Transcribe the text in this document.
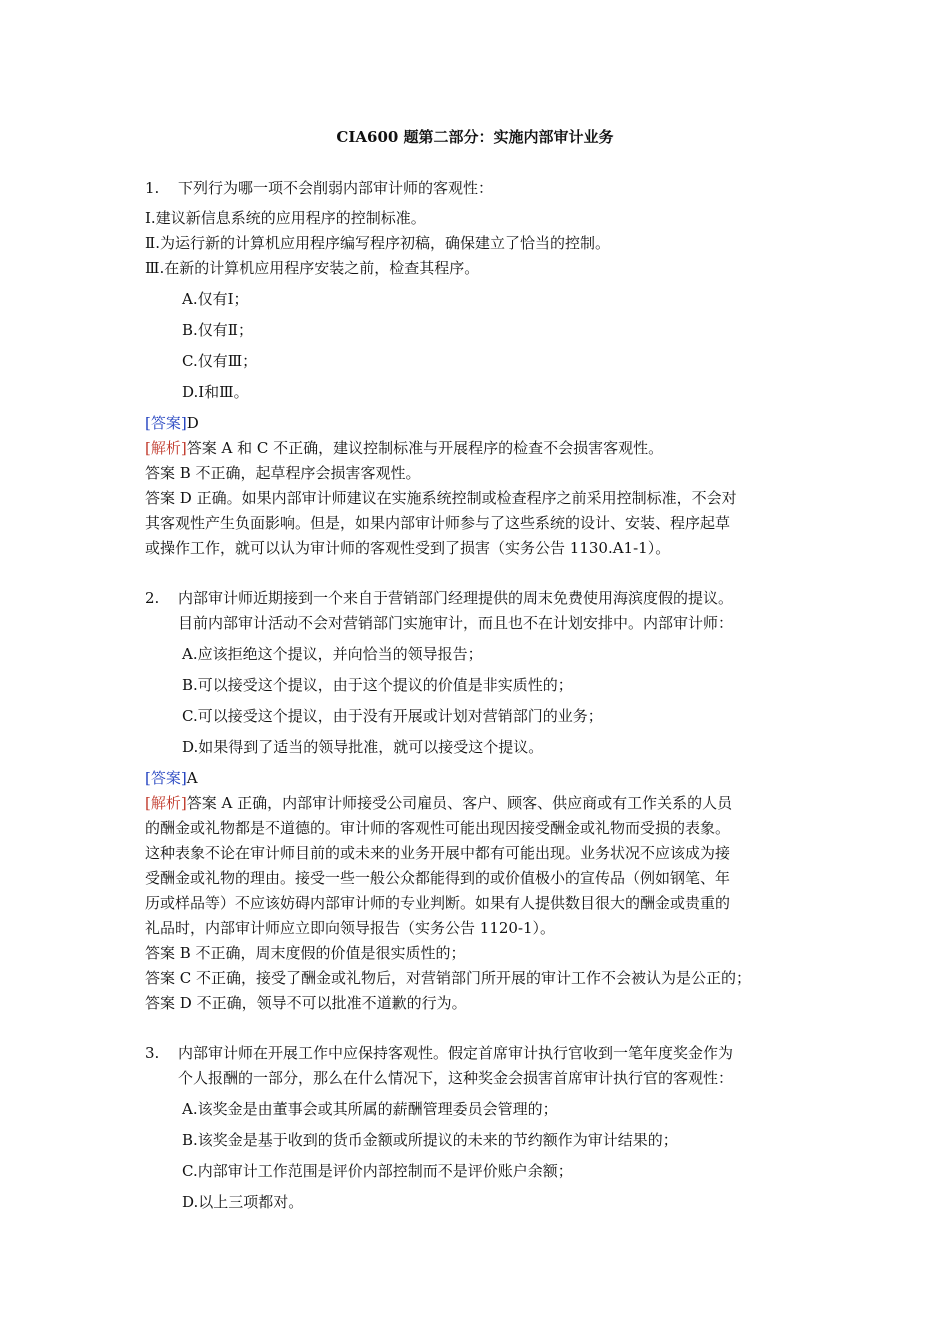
CIA600 题第二部分：实施内部审计业务
1. 下列行为哪一项不会削弱内部审计师的客观性：
Ⅰ.建议新信息系统的应用程序的控制标准。
Ⅱ.为运行新的计算机应用程序编写程序初稿，确保建立了恰当的控制。
Ⅲ.在新的计算机应用程序安装之前，检查其程序。
A.仅有Ⅰ；
B.仅有Ⅱ；
C.仅有Ⅲ；
D.Ⅰ和Ⅲ。
[答案]D
[解析]答案 A 和 C 不正确，建议控制标准与开展程序的检查不会损害客观性。
答案 B 不正确，起草程序会损害客观性。
答案 D 正确。如果内部审计师建议在实施系统控制或检查程序之前采用控制标准，不会对
其客观性产生负面影响。但是，如果内部审计师参与了这些系统的设计、安装、程序起草
或操作工作，就可以认为审计师的客观性受到了损害（实务公告 1130.A1-1）。
2. 内部审计师近期接到一个来自于营销部门经理提供的周末免费使用海滨度假的提议。
目前内部审计活动不会对营销部门实施审计，而且也不在计划安排中。内部审计师：
A.应该拒绝这个提议，并向恰当的领导报告；
B.可以接受这个提议，由于这个提议的价值是非实质性的；
C.可以接受这个提议，由于没有开展或计划对营销部门的业务；
D.如果得到了适当的领导批准，就可以接受这个提议。
[答案]A
[解析]答案 A 正确，内部审计师接受公司雇员、客户、顾客、供应商或有工作关系的人员
的酬金或礼物都是不道德的。审计师的客观性可能出现因接受酬金或礼物而受损的表象。
这种表象不论在审计师目前的或未来的业务开展中都有可能出现。业务状况不应该成为接
受酬金或礼物的理由。接受一些一般公众都能得到的或价值极小的宣传品（例如钢笔、年
历或样品等）不应该妨碍内部审计师的专业判断。如果有人提供数目很大的酬金或贵重的
礼品时，内部审计师应立即向领导报告（实务公告 1120-1）。
答案 B 不正确，周末度假的价值是很实质性的；
答案 C 不正确，接受了酬金或礼物后，对营销部门所开展的审计工作不会被认为是公正的；
答案 D 不正确，领导不可以批准不道歉的行为。
3. 内部审计师在开展工作中应保持客观性。假定首席审计执行官收到一笔年度奖金作为
个人报酬的一部分，那么在什么情况下，这种奖金会损害首席审计执行官的客观性：
A.该奖金是由董事会或其所属的薪酬管理委员会管理的；
B.该奖金是基于收到的货币金额或所提议的未来的节约额作为审计结果的；
C.内部审计工作范围是评价内部控制而不是评价账户余额；
D.以上三项都对。
